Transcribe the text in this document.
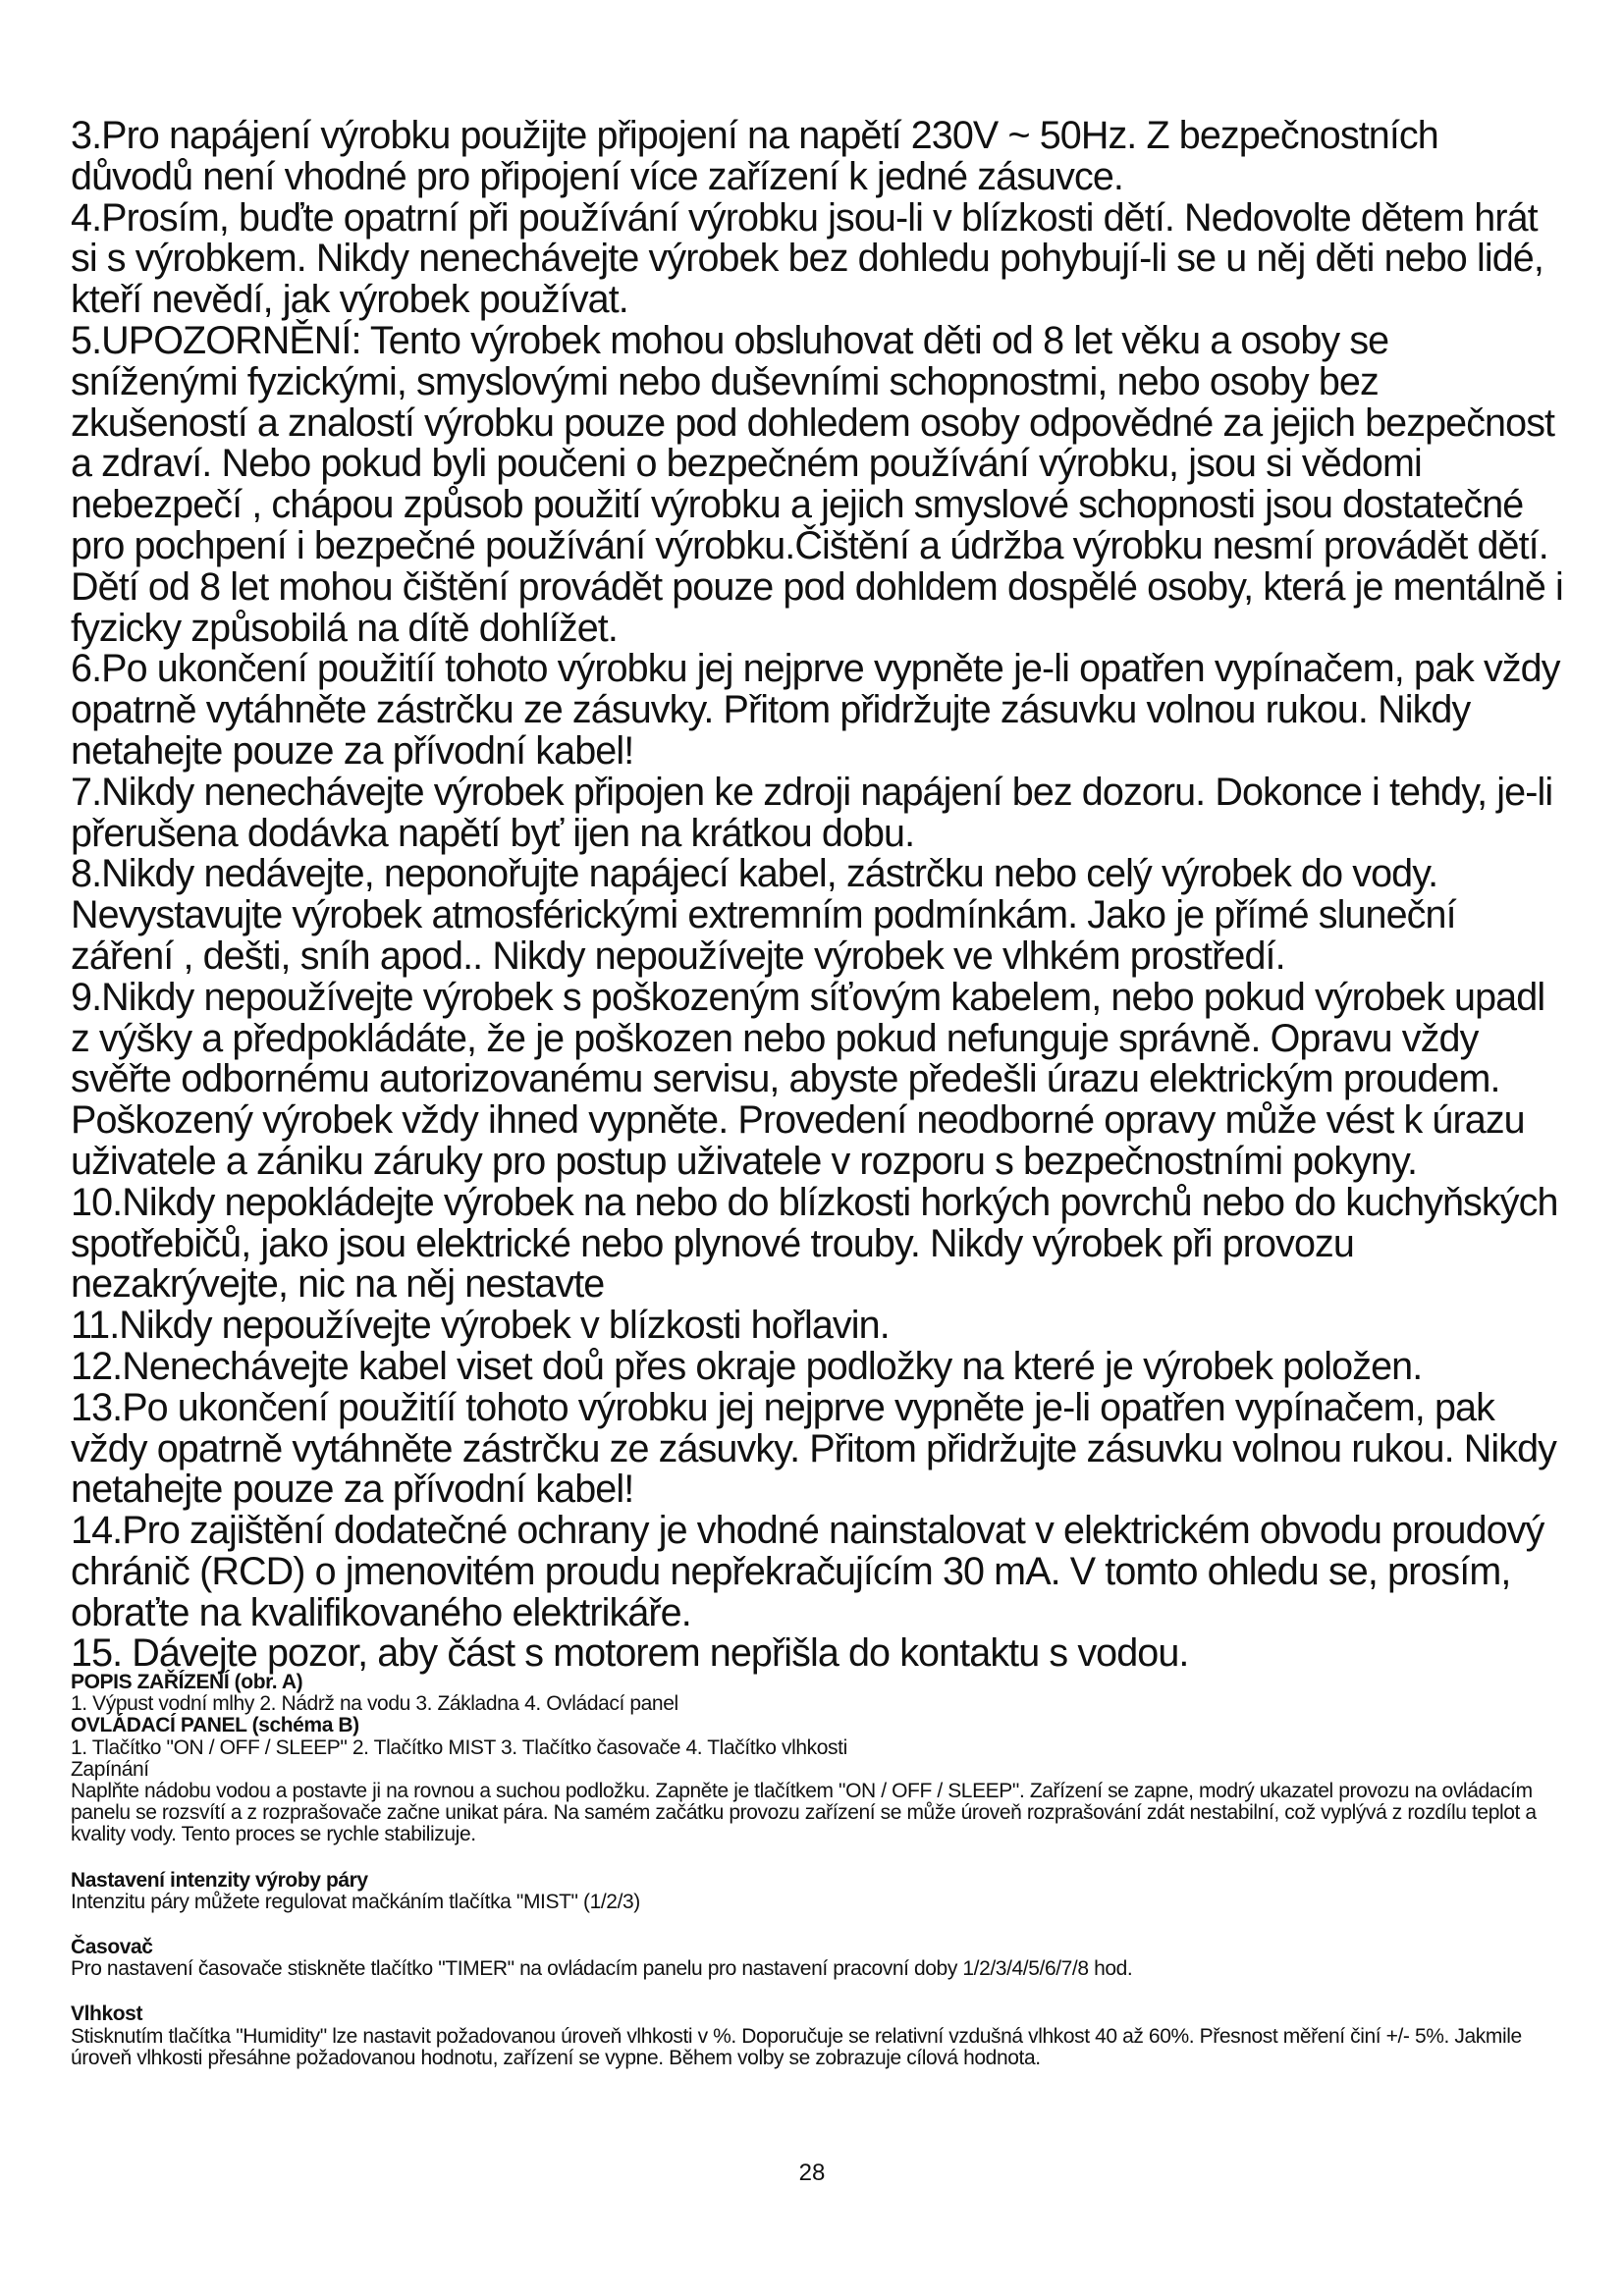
3.Pro napájení výrobku použijte připojení na napětí 230V ~ 50Hz. Z bezpečnostních důvodů není vhodné pro připojení více zařízení k jedné zásuvce.

4.Prosím, buďte opatrní při používání výrobku jsou-li v blízkosti dětí. Nedovolte dětem hrát si s výrobkem. Nikdy nenechávejte výrobek bez dohledu pohybují-li se u něj děti nebo lidé, kteří nevědí, jak výrobek používat.

5.UPOZORNĚNÍ: Tento výrobek mohou obsluhovat děti od 8 let věku a osoby se sníženými fyzickými, smyslovými nebo duševními schopnostmi, nebo osoby bez zkušeností a znalostí výrobku pouze pod dohledem osoby odpovědné za jejich bezpečnost a zdraví. Nebo pokud byli poučeni o bezpečném používání výrobku, jsou si vědomi nebezpečí , chápou způsob použití výrobku a jejich smyslové schopnosti jsou dostatečné pro pochpení i bezpečné používání výrobku.Čištění a údržba výrobku nesmí provádět dětí. Dětí od 8 let mohou čištění provádět pouze pod dohldem dospělé osoby, která je mentálně i fyzicky způsobilá na dítě dohlížet.

6.Po ukončení použitíí tohoto výrobku jej nejprve vypněte je-li opatřen vypínačem, pak vždy opatrně vytáhněte zástrčku ze zásuvky. Přitom přidržujte zásuvku volnou rukou. Nikdy netahejte pouze za přívodní kabel!

7.Nikdy nenechávejte výrobek připojen ke zdroji napájení bez dozoru. Dokonce i tehdy, je-li přerušena dodávka napětí byť ijen na krátkou dobu.

8.Nikdy nedávejte, neponořujte napájecí kabel, zástrčku nebo celý výrobek do vody. Nevystavujte výrobek atmosférickými extremním podmínkám. Jako je přímé sluneční záření , dešti, sníh apod.. Nikdy nepoužívejte výrobek ve vlhkém prostředí.

9.Nikdy nepoužívejte výrobek s poškozeným síťovým kabelem, nebo pokud výrobek upadl z výšky a předpokládáte, že je poškozen nebo pokud nefunguje správně. Opravu vždy svěřte odbornému autorizovanému servisu, abyste předešli úrazu elektrickým proudem. Poškozený výrobek vždy ihned vypněte. Provedení neodborné opravy může vést k úrazu uživatele a zániku záruky pro postup uživatele v rozporu s bezpečnostními pokyny.

10.Nikdy nepokládejte výrobek na nebo do blízkosti horkých povrchů nebo do kuchyňských spotřebičů, jako jsou elektrické nebo plynové trouby. Nikdy výrobek při provozu nezakrývejte, nic na něj nestavte

11.Nikdy nepoužívejte výrobek v blízkosti hořlavin.

12.Nenechávejte kabel viset doů přes okraje podložky na které je výrobek položen.

13.Po ukončení použitíí tohoto výrobku jej nejprve vypněte je-li opatřen vypínačem, pak vždy opatrně vytáhněte zástrčku ze zásuvky. Přitom přidržujte zásuvku volnou rukou. Nikdy netahejte pouze za přívodní kabel!

14.Pro zajištění dodatečné ochrany je vhodné nainstalovat v elektrickém obvodu proudový chránič (RCD) o jmenovitém proudu nepřekračujícím 30 mA. V tomto ohledu se, prosím, obraťte na kvalifikovaného elektrikáře.

15. Dávejte pozor, aby část s motorem nepřišla do kontaktu s vodou.

POPIS ZAŘÍZENÍ (obr. A)

1. Výpust vodní mlhy 2. Nádrž na vodu 3. Základna 4. Ovládací panel

OVLÁDACÍ PANEL (schéma B)

1. Tlačítko "ON / OFF / SLEEP" 2. Tlačítko MIST 3. Tlačítko časovače 4. Tlačítko vlhkosti

Zapínání

Naplňte nádobu vodou a postavte ji na rovnou a suchou podložku. Zapněte je tlačítkem "ON / OFF / SLEEP". Zařízení se zapne, modrý ukazatel provozu na ovládacím panelu se rozsvítí a z rozprašovače začne unikat pára. Na samém začátku provozu zařízení se může úroveň rozprašování zdát nestabilní, což vyplývá z rozdílu teplot a kvality vody. Tento proces se rychle stabilizuje.

Nastavení intenzity výroby páry

Intenzitu páry můžete regulovat mačkáním tlačítka "MIST" (1/2/3)

Časovač

Pro nastavení časovače stiskněte tlačítko "TIMER" na ovládacím panelu pro nastavení pracovní doby 1/2/3/4/5/6/7/8 hod.

Vlhkost

Stisknutím tlačítka "Humidity" lze nastavit požadovanou úroveň vlhkosti v %. Doporučuje se relativní vzdušná vlhkost 40 až 60%. Přesnost měření činí +/- 5%. Jakmile úroveň vlhkosti přesáhne požadovanou hodnotu, zařízení se vypne. Během volby se zobrazuje cílová hodnota.

28
